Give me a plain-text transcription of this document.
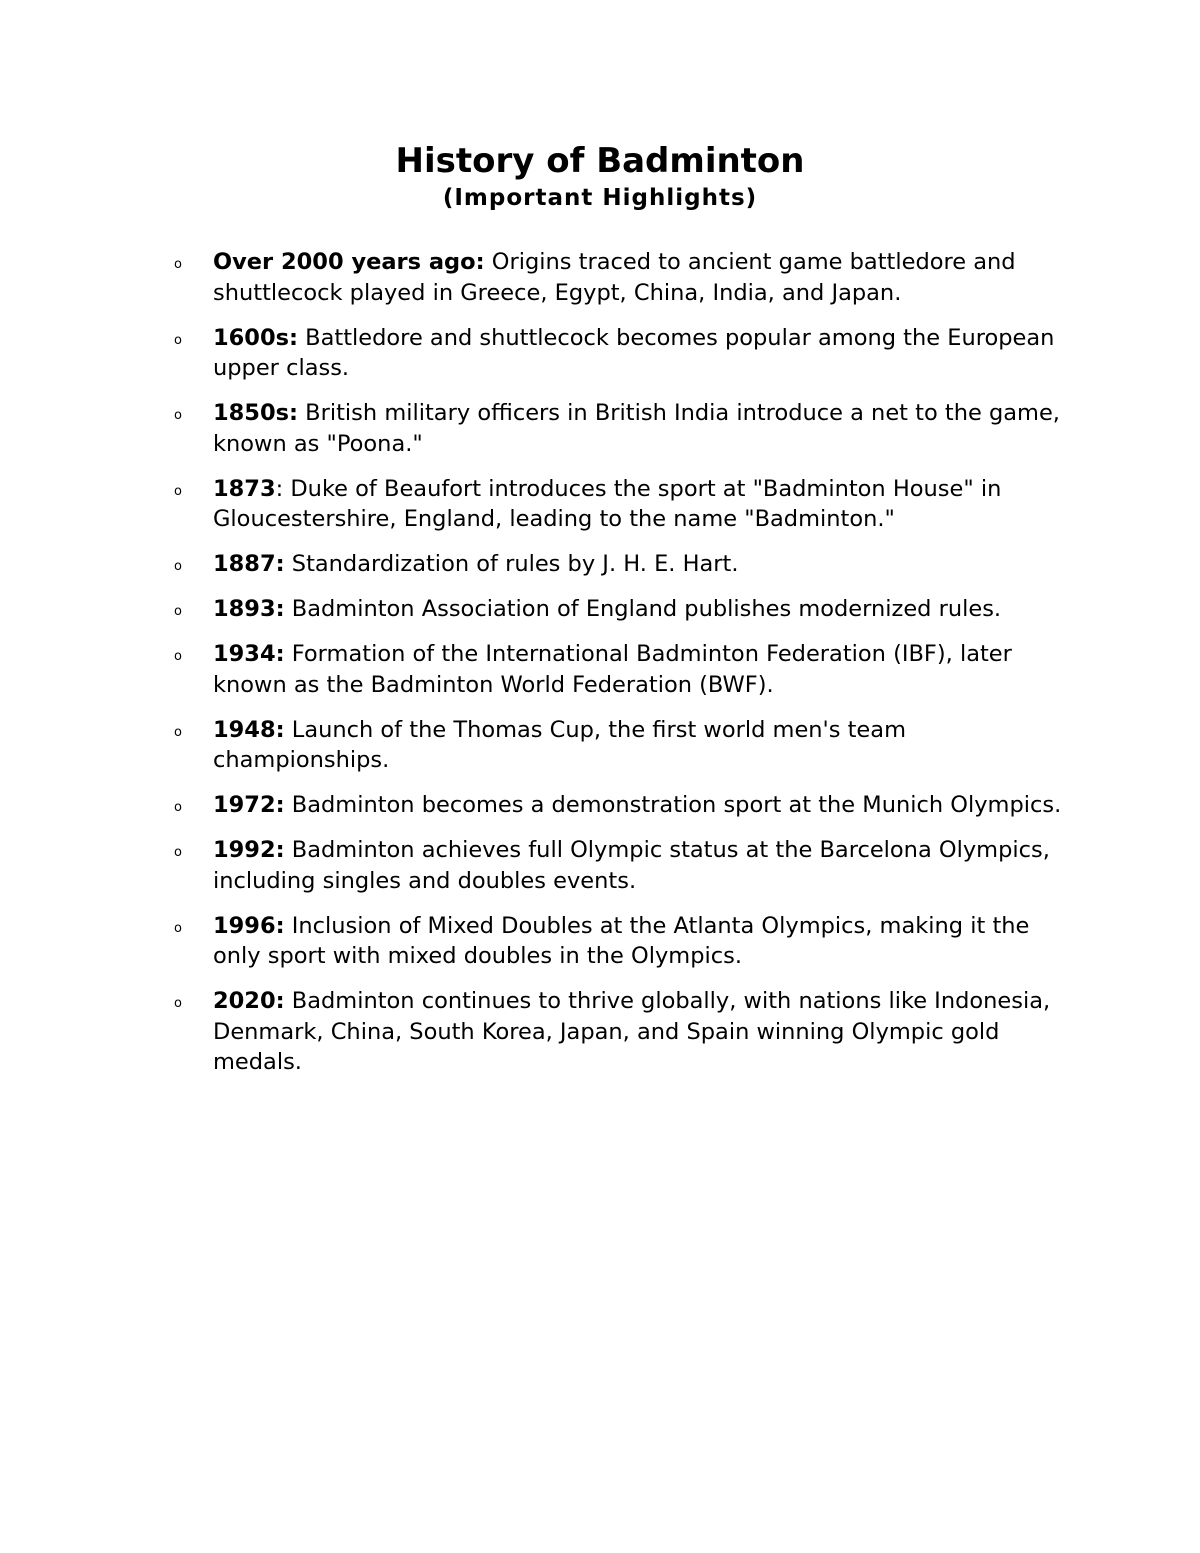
History of Badminton
(Important Highlights)
o Over 2000 years ago: Origins traced to ancient game battledore and shuttlecock played in Greece, Egypt, China, India, and Japan.
o 1600s: Battledore and shuttlecock becomes popular among the European upper class.
o 1850s: British military officers in British India introduce a net to the game, known as "Poona."
o 1873: Duke of Beaufort introduces the sport at "Badminton House" in Gloucestershire, England, leading to the name "Badminton."
o 1887: Standardization of rules by J. H. E. Hart.
o 1893: Badminton Association of England publishes modernized rules.
o 1934: Formation of the International Badminton Federation (IBF), later known as the Badminton World Federation (BWF).
o 1948: Launch of the Thomas Cup, the first world men's team championships.
o 1972: Badminton becomes a demonstration sport at the Munich Olympics.
o 1992: Badminton achieves full Olympic status at the Barcelona Olympics, including singles and doubles events.
o 1996: Inclusion of Mixed Doubles at the Atlanta Olympics, making it the only sport with mixed doubles in the Olympics.
o 2020: Badminton continues to thrive globally, with nations like Indonesia, Denmark, China, South Korea, Japan, and Spain winning Olympic gold medals.
